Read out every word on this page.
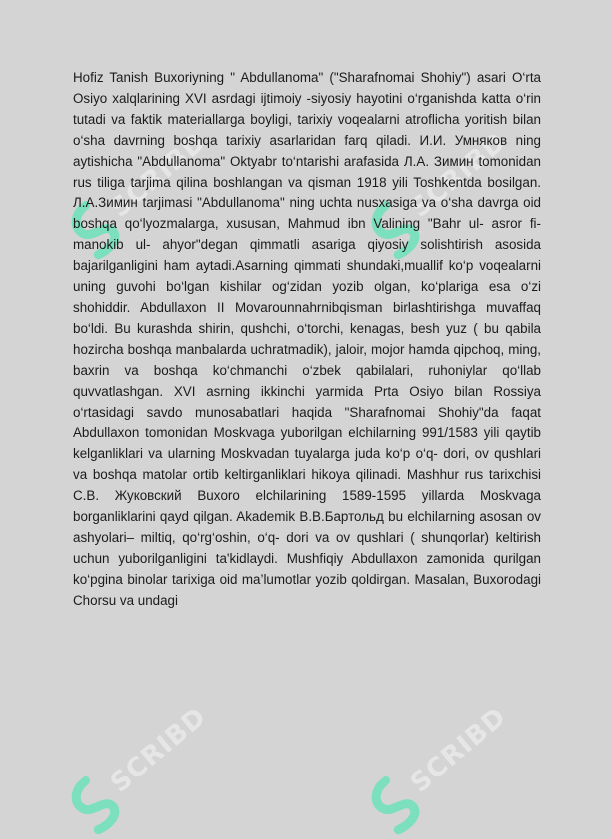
SCRIBD	SCRIBD
SCRIBD	SCRIBD

Hofiz Tanish Buxoriyning " Abdullanoma" ("Sharafnomai Shohiy") asari O‘rta Osiyo xalqlarining XVI asrdagi ijtimoiy -siyosiy hayotini o‘rganishda katta o‘rin tutadi va faktik materiallarga boyligi, tarixiy voqealarni atroflicha yoritish bilan o‘sha davrning boshqa tarixiy asarlaridan farq qiladi. И.И. Умняков ning aytishicha "Abdullanoma" Oktyabr to‘ntarishi arafasida Л.А. Зимин tomonidan rus tiliga tarjima qilina boshlangan va qisman 1918 yili Toshkentda bosilgan. Л.А.Зимин tarjimasi "Abdullanoma" ning uchta nusxasiga va o‘sha davrga oid boshqa qo‘lyozmalarga, xususan, Mahmud ibn Valining "Bahr ul- asror fi-manokib ul- ahyor"degan qimmatli asariga qiyosiy solishtirish asosida bajarilganligini ham aytadi.Asarning qimmati shundaki,muallif ko‘p voqealarni uning guvohi bo‘lgan kishilar og‘zidan yozib olgan, ko‘plariga esa o‘zi shohiddir. Abdullaxon II Movarounnahrnibqisman birlashtirishga muvaffaq bo‘ldi. Bu kurashda shirin, qushchi, o‘torchi, kenagas, besh yuz ( bu qabila hozircha boshqa manbalarda uchratmadik), jaloir, mojor hamda qipchoq, ming, baxrin va boshqa ko‘chmanchi o‘zbek qabilalari, ruhoniylar qo‘llab quvvatlashgan. XVI asrning ikkinchi yarmida Prta Osiyo bilan Rossiya o‘rtasidagi savdo munosabatlari haqida "Sharafnomai Shohiy"da faqat Abdullaxon tomonidan Moskvaga yuborilgan elchilarning 991/1583 yili qaytib kelganliklari va ularning Moskvadan tuyalarga juda ko‘p o‘q- dori, ov qushlari va boshqa matolar ortib keltirganliklari hikoya qilinadi. Mashhur rus tarixchisi С.В. Жуковский Buxoro elchilarining 1589-1595 yillarda Moskvaga borganliklarini qayd qilgan. Akademik В.В.Бартольд bu elchilarning asosan ov ashyolari– miltiq, qo‘rg‘oshin, o‘q- dori va ov qushlari ( shunqorlar) keltirish uchun yuborilganligini ta'kidlaydi. Mushfiqiy Abdullaxon zamonida qurilgan ko‘pgina binolar tarixiga oid ma’lumotlar yozib qoldirgan. Masalan, Buxorodagi Chorsu va undagi
